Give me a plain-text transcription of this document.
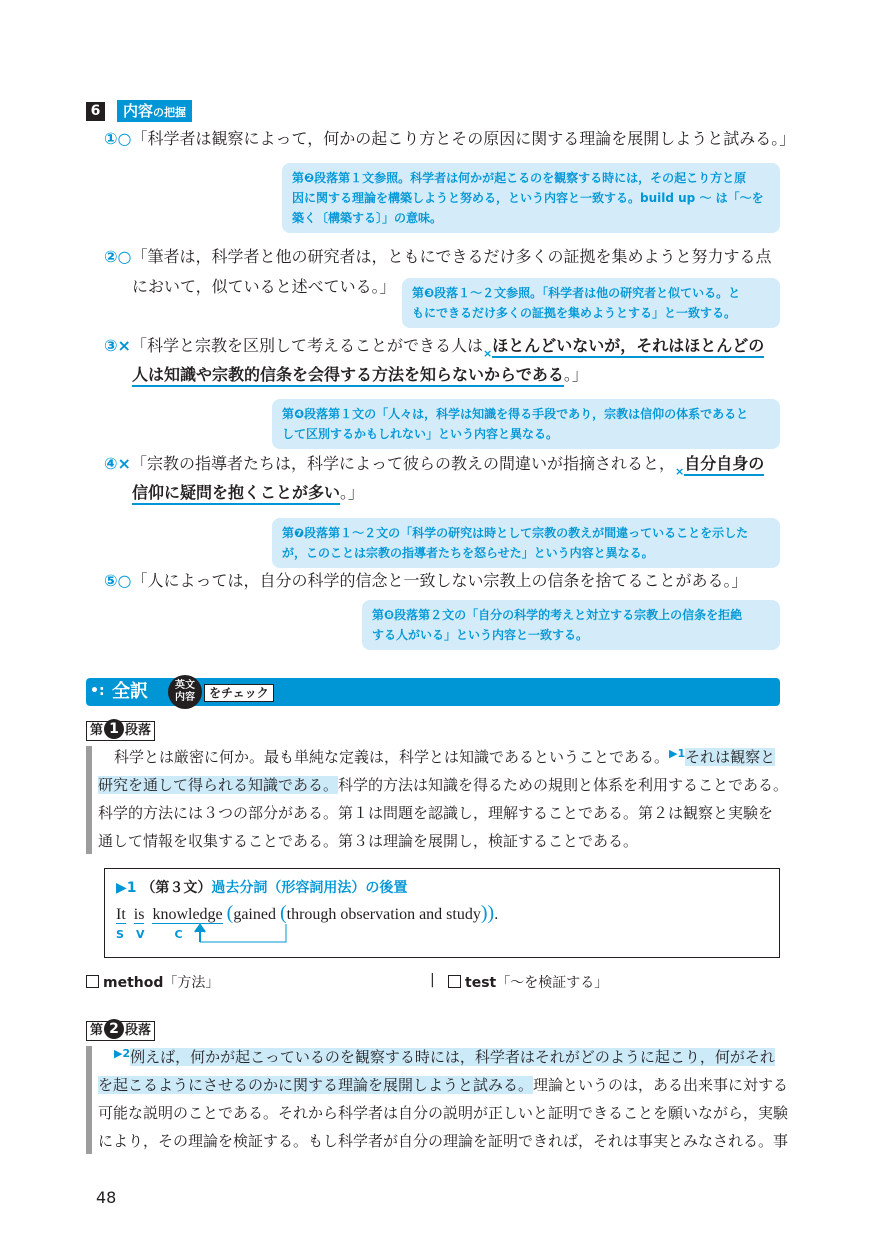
6	内容の把握
①○「科学者は観察によって，何かの起こり方とその原因に関する理論を展開しようと試みる。」
第❷段落第１文参照。科学者は何かが起こるのを観察する時には，その起こり方と原
因に関する理論を構築しようと努める，という内容と一致する。build up ～ は「～を
築く〔構築する〕」の意味。
②○「筆者は，科学者と他の研究者は，ともにできるだけ多くの証拠を集めようと努力する点
において，似ていると述べている。」 第❸段落１～２文参照。「科学者は他の研究者と似ている。と
もにできるだけ多くの証拠を集めようとする」と一致する。
③×「科学と宗教を区別して考えることができる人は$_\times$ほとんどいないが，それはほとんどの
人は知識や宗教的信条を会得する方法を知らないからである。」
第❹段落第１文の「人々は，科学は知識を得る手段であり，宗教は信仰の体系であると
して区別するかもしれない」という内容と異なる。
④×「宗教の指導者たちは，科学によって彼らの教えの間違いが指摘されると，$_\times$自分自身の
信仰に疑問を抱くことが多い。」
第❼段落第１～２文の「科学の研究は時として宗教の教えが間違っていることを示した
が，このことは宗教の指導者たちを怒らせた」という内容と異なる。
⑤○「人によっては，自分の科学的信念と一致しない宗教上の信条を捨てることがある。」
第❽段落第２文の「自分の科学的考えと対立する宗教上の信条を拒絶
する人がいる」という内容と一致する。
•: 全訳	英文
内容	をチェック
第 1 段落
科学とは厳密に何か。最も単純な定義は，科学とは知識であるということである。$^{▶1}$それは観察と
研究を通して得られる知識である。科学的方法は知識を得るための規則と体系を利用することである。
科学的方法には３つの部分がある。第１は問題を認識し，理解することである。第２は観察と実験を
通して情報を収集することである。第３は理論を展開し，検証することである。
▶1 （第３文）過去分詞（形容詞用法）の後置
It is knowledge (gained (through observation and study)).
S V	C
method「方法」	|	test「～を検証する」
第 2 段落
$^{▶2}$例えば，何かが起こっているのを観察する時には，科学者はそれがどのように起こり，何がそれ
を起こるようにさせるのかに関する理論を展開しようと試みる。理論というのは，ある出来事に対する
可能な説明のことである。それから科学者は自分の説明が正しいと証明できることを願いながら，実験
により，その理論を検証する。もし科学者が自分の理論を証明できれば，それは事実とみなされる。事
48
